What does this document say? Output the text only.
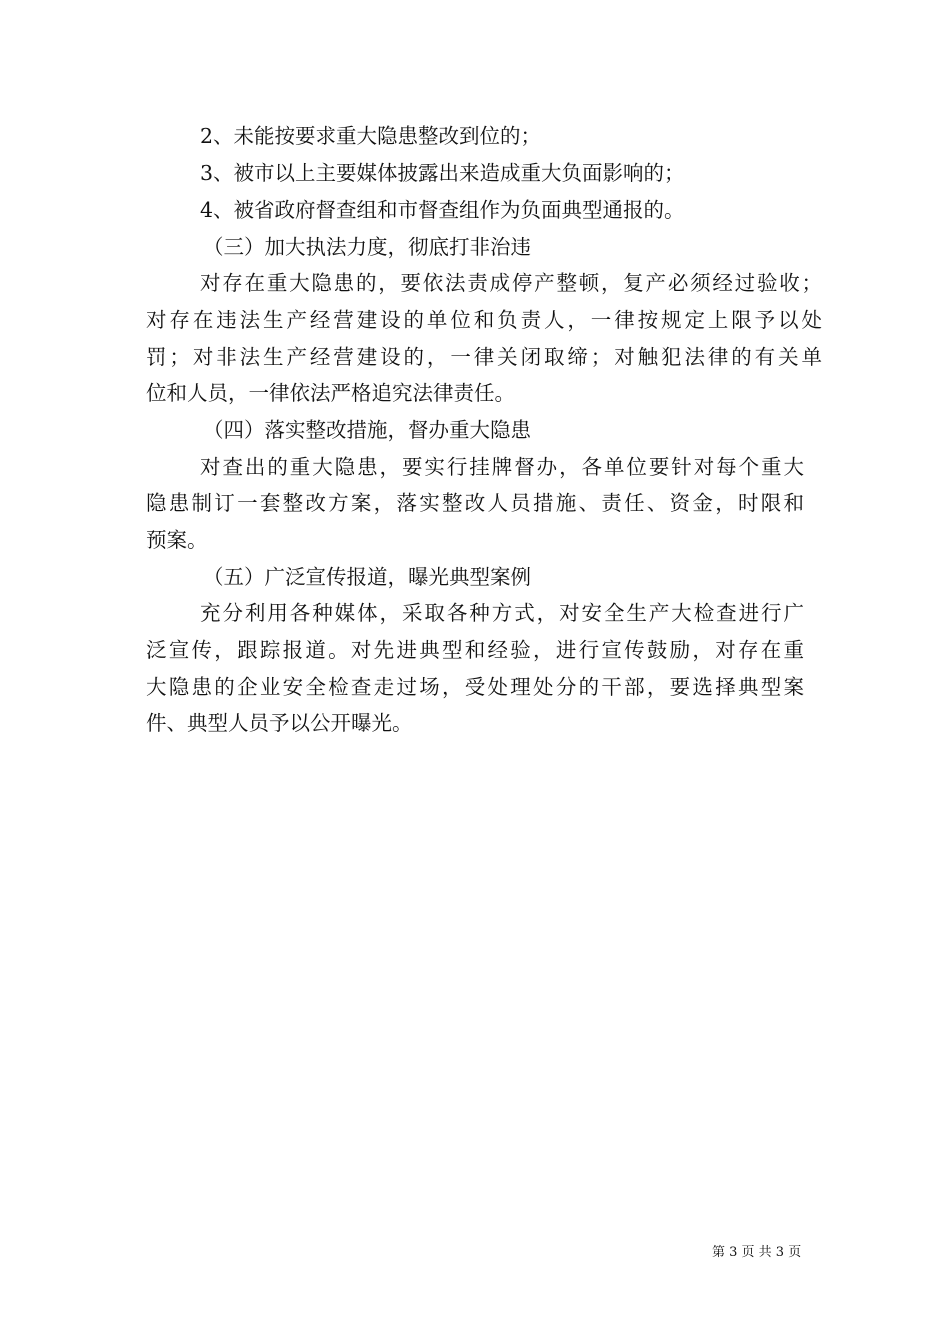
2、未能按要求重大隐患整改到位的；
3、被市以上主要媒体披露出来造成重大负面影响的；
4、被省政府督查组和市督查组作为负面典型通报的。
（三）加大执法力度，彻底打非治违
对存在重大隐患的，要依法责成停产整顿，复产必须经过验收；
对存在违法生产经营建设的单位和负责人，一律按规定上限予以处
罚；对非法生产经营建设的，一律关闭取缔；对触犯法律的有关单
位和人员，一律依法严格追究法律责任。
（四）落实整改措施，督办重大隐患
对查出的重大隐患，要实行挂牌督办，各单位要针对每个重大
隐患制订一套整改方案，落实整改人员措施、责任、资金，时限和
预案。
（五）广泛宣传报道，曝光典型案例
充分利用各种媒体，采取各种方式，对安全生产大检查进行广
泛宣传，跟踪报道。对先进典型和经验，进行宣传鼓励，对存在重
大隐患的企业安全检查走过场，受处理处分的干部，要选择典型案
件、典型人员予以公开曝光。
第 3 页 共 3 页
